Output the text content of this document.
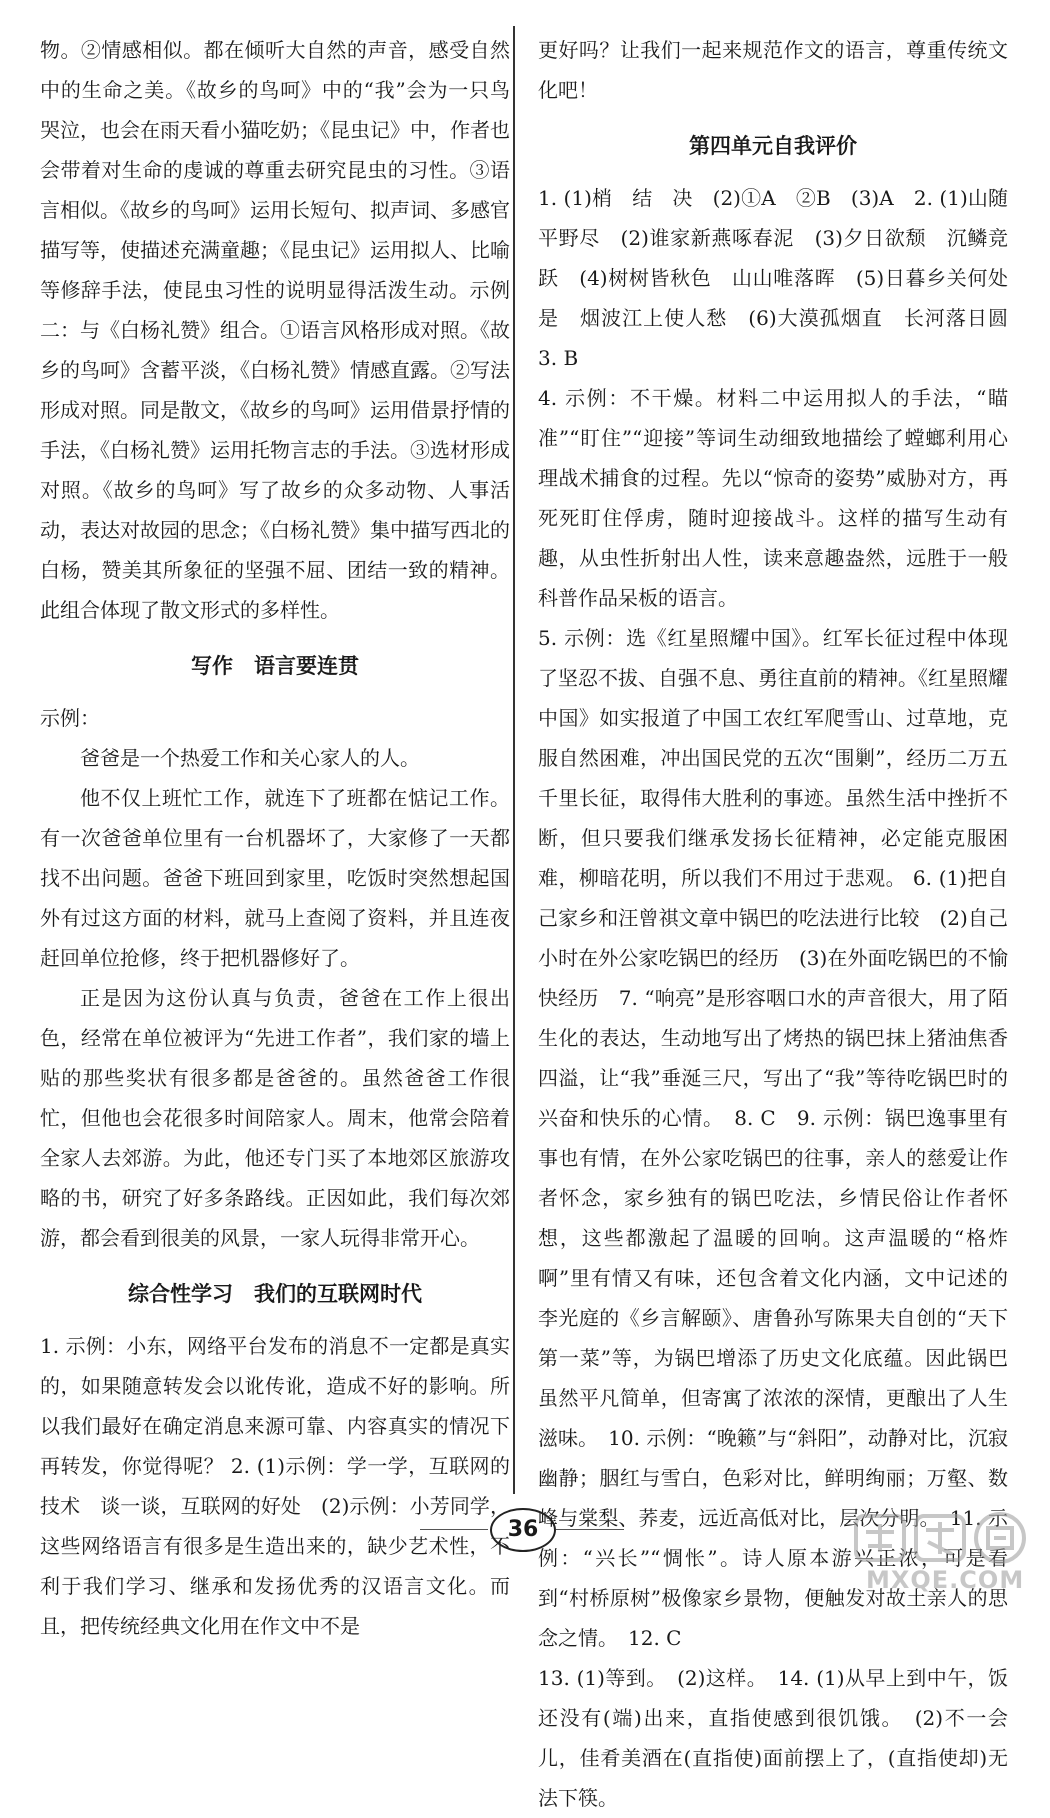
物。②情感相似。都在倾听大自然的声音，感受自然中的生命之美。《故乡的鸟呵》中的“我”会为一只鸟哭泣，也会在雨天看小猫吃奶；《昆虫记》中，作者也会带着对生命的虔诚的尊重去研究昆虫的习性。③语言相似。《故乡的鸟呵》运用长短句、拟声词、多感官描写等，使描述充满童趣；《昆虫记》运用拟人、比喻等修辞手法，使昆虫习性的说明显得活泼生动。示例二：与《白杨礼赞》组合。①语言风格形成对照。《故乡的鸟呵》含蓄平淡，《白杨礼赞》情感直露。②写法形成对照。同是散文，《故乡的鸟呵》运用借景抒情的手法，《白杨礼赞》运用托物言志的手法。③选材形成对照。《故乡的鸟呵》写了故乡的众多动物、人事活动，表达对故园的思念；《白杨礼赞》集中描写西北的白杨，赞美其所象征的坚强不屈、团结一致的精神。此组合体现了散文形式的多样性。

写作　语言要连贯

示例：

爸爸是一个热爱工作和关心家人的人。

他不仅上班忙工作，就连下了班都在惦记工作。有一次爸爸单位里有一台机器坏了，大家修了一天都找不出问题。爸爸下班回到家里，吃饭时突然想起国外有过这方面的材料，就马上查阅了资料，并且连夜赶回单位抢修，终于把机器修好了。

正是因为这份认真与负责，爸爸在工作上很出色，经常在单位被评为“先进工作者”，我们家的墙上贴的那些奖状有很多都是爸爸的。虽然爸爸工作很忙，但他也会花很多时间陪家人。周末，他常会陪着全家人去郊游。为此，他还专门买了本地郊区旅游攻略的书，研究了好多条路线。正因如此，我们每次郊游，都会看到很美的风景，一家人玩得非常开心。

综合性学习　我们的互联网时代

1. 示例：小东，网络平台发布的消息不一定都是真实的，如果随意转发会以讹传讹，造成不好的影响。所以我们最好在确定消息来源可靠、内容真实的情况下再转发，你觉得呢？ 2. (1)示例：学一学，互联网的技术　谈一谈，互联网的好处　(2)示例：小芳同学，这些网络语言有很多是生造出来的，缺少艺术性，不利于我们学习、继承和发扬优秀的汉语言文化。而且，把传统经典文化用在作文中不是

更好吗？让我们一起来规范作文的语言，尊重传统文化吧！

第四单元自我评价

1. (1)梢　结　决　(2)①A　②B　(3)A　2. (1)山随平野尽　(2)谁家新燕啄春泥　(3)夕日欲颓　沉鳞竞跃　(4)树树皆秋色　山山唯落晖　(5)日暮乡关何处是　烟波江上使人愁　(6)大漠孤烟直　长河落日圆　3. B

4. 示例：不干燥。材料二中运用拟人的手法，“瞄准”“盯住”“迎接”等词生动细致地描绘了螳螂利用心理战术捕食的过程。先以“惊奇的姿势”威胁对方，再死死盯住俘虏，随时迎接战斗。这样的描写生动有趣，从虫性折射出人性，读来意趣盎然，远胜于一般科普作品呆板的语言。

5. 示例：选《红星照耀中国》。红军长征过程中体现了坚忍不拔、自强不息、勇往直前的精神。《红星照耀中国》如实报道了中国工农红军爬雪山、过草地，克服自然困难，冲出国民党的五次“围剿”，经历二万五千里长征，取得伟大胜利的事迹。虽然生活中挫折不断，但只要我们继承发扬长征精神，必定能克服困难，柳暗花明，所以我们不用过于悲观。 6. (1)把自己家乡和汪曾祺文章中锅巴的吃法进行比较　(2)自己小时在外公家吃锅巴的经历　(3)在外面吃锅巴的不愉快经历　7. “响亮”是形容咽口水的声音很大，用了陌生化的表达，生动地写出了烤热的锅巴抹上猪油焦香四溢，让“我”垂涎三尺，写出了“我”等待吃锅巴时的兴奋和快乐的心情。　8. C　9. 示例：锅巴逸事里有事也有情，在外公家吃锅巴的往事，亲人的慈爱让作者怀念，家乡独有的锅巴吃法，乡情民俗让作者怀想，这些都激起了温暖的回响。这声温暖的“格炸啊”里有情又有味，还包含着文化内涵，文中记述的李光庭的《乡言解颐》、唐鲁孙写陈果夫自创的“天下第一菜”等，为锅巴增添了历史文化底蕴。因此锅巴虽然平凡简单，但寄寓了浓浓的深情，更酿出了人生滋味。　10. 示例：“晚籁”与“斜阳”，动静对比，沉寂幽静；胭红与雪白，色彩对比，鲜明绚丽；万壑、数峰与棠梨、荞麦，远近高低对比，层次分明。　11. 示例：“兴长”“惆怅”。诗人原本游兴正浓，可是看到“村桥原树”极像家乡景物，便触发对故土亲人的思念之情。　12. C

13. (1)等到。　(2)这样。　14. (1)从早上到中午，饭还没有(端)出来，直指使感到很饥饿。　(2)不一会儿，佳肴美酒在(直指使)面前摆上了，(直指使却)无法下筷。

36
MXQE.COM
